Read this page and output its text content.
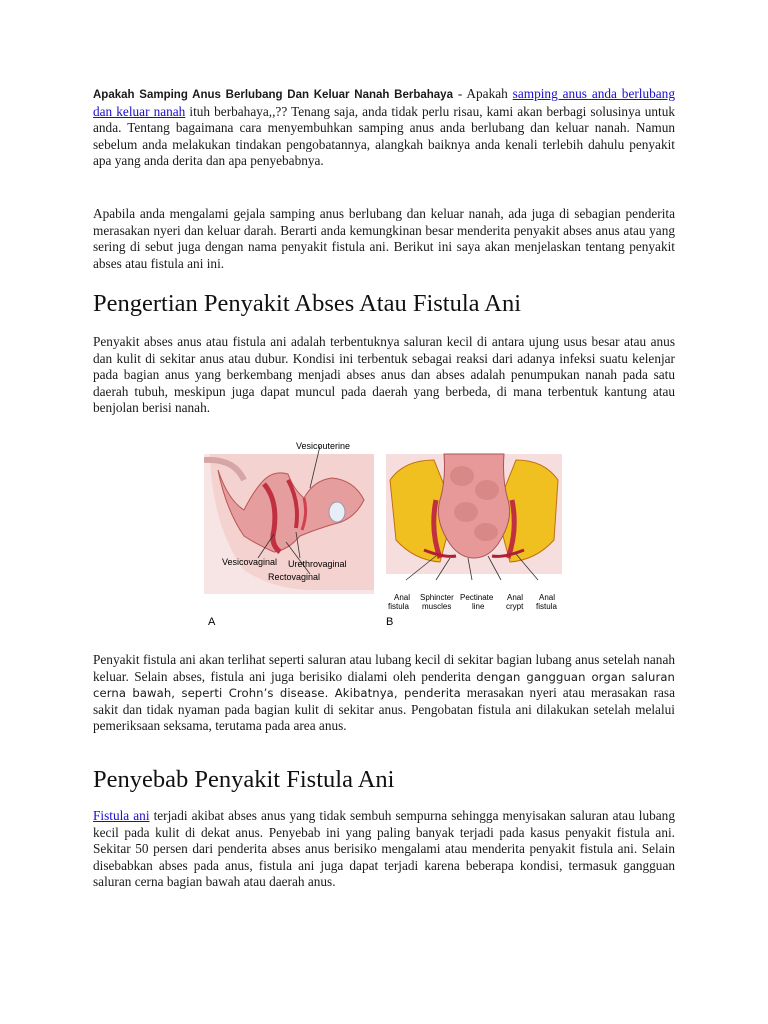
Apakah Samping Anus Berlubang Dan Keluar Nanah Berbahaya - Apakah samping anus anda berlubang dan keluar nanah ituh berbahaya,,?? Tenang saja, anda tidak perlu risau, kami akan berbagi solusinya untuk anda. Tentang bagaimana cara menyembuhkan samping anus anda berlubang dan keluar nanah. Namun sebelum anda melakukan tindakan pengobatannya, alangkah baiknya anda kenali terlebih dahulu penyakit apa yang anda derita dan apa penyebabnya.

Apabila anda mengalami gejala samping anus berlubang dan keluar nanah, ada juga di sebagian penderita merasakan nyeri dan keluar darah. Berarti anda kemungkinan besar menderita penyakit abses anus atau yang sering di sebut juga dengan nama penyakit fistula ani. Berikut ini saya akan menjelaskan tentang penyakit abses atau fistula ani ini.

Pengertian Penyakit Abses Atau Fistula Ani

Penyakit abses anus atau fistula ani adalah terbentuknya saluran kecil di antara ujung usus besar atau anus dan kulit di sekitar anus atau dubur. Kondisi ini terbentuk sebagai reaksi dari adanya infeksi suatu kelenjar pada bagian anus yang berkembang menjadi abses anus dan abses adalah penumpukan nanah pada satu daerah tubuh, meskipun juga dapat muncul pada daerah yang berbeda, di mana terbentuk kantung atau benjolan berisi nanah.

Penyakit fistula ani akan terlihat seperti saluran atau lubang kecil di sekitar bagian lubang anus setelah nanah keluar. Selain abses, fistula ani juga berisiko dialami oleh penderita dengan gangguan organ saluran cerna bawah, seperti Crohn’s disease. Akibatnya, penderita merasakan nyeri atau merasakan rasa sakit dan tidak nyaman pada bagian kulit di sekitar anus. Pengobatan fistula ani dilakukan setelah melalui pemeriksaan seksama, terutama pada area anus.

Penyebab Penyakit Fistula Ani

Fistula ani terjadi akibat abses anus yang tidak sembuh sempurna sehingga menyisakan saluran atau lubang kecil pada kulit di dekat anus. Penyebab ini yang paling banyak terjadi pada kasus penyakit fistula ani. Sekitar 50 persen dari penderita abses anus berisiko mengalami atau menderita penyakit fistula ani. Selain disebabkan abses pada anus, fistula ani juga dapat terjadi karena beberapa kondisi, termasuk gangguan saluran cerna bagian bawah atau daerah anus.

Vesicouterine
Vesicovaginal Urethrovaginal
Rectovaginal
A
Anal
fistula
Sphincter
muscles
Pectinate
line
Anal
crypt
Anal
fistula
B
